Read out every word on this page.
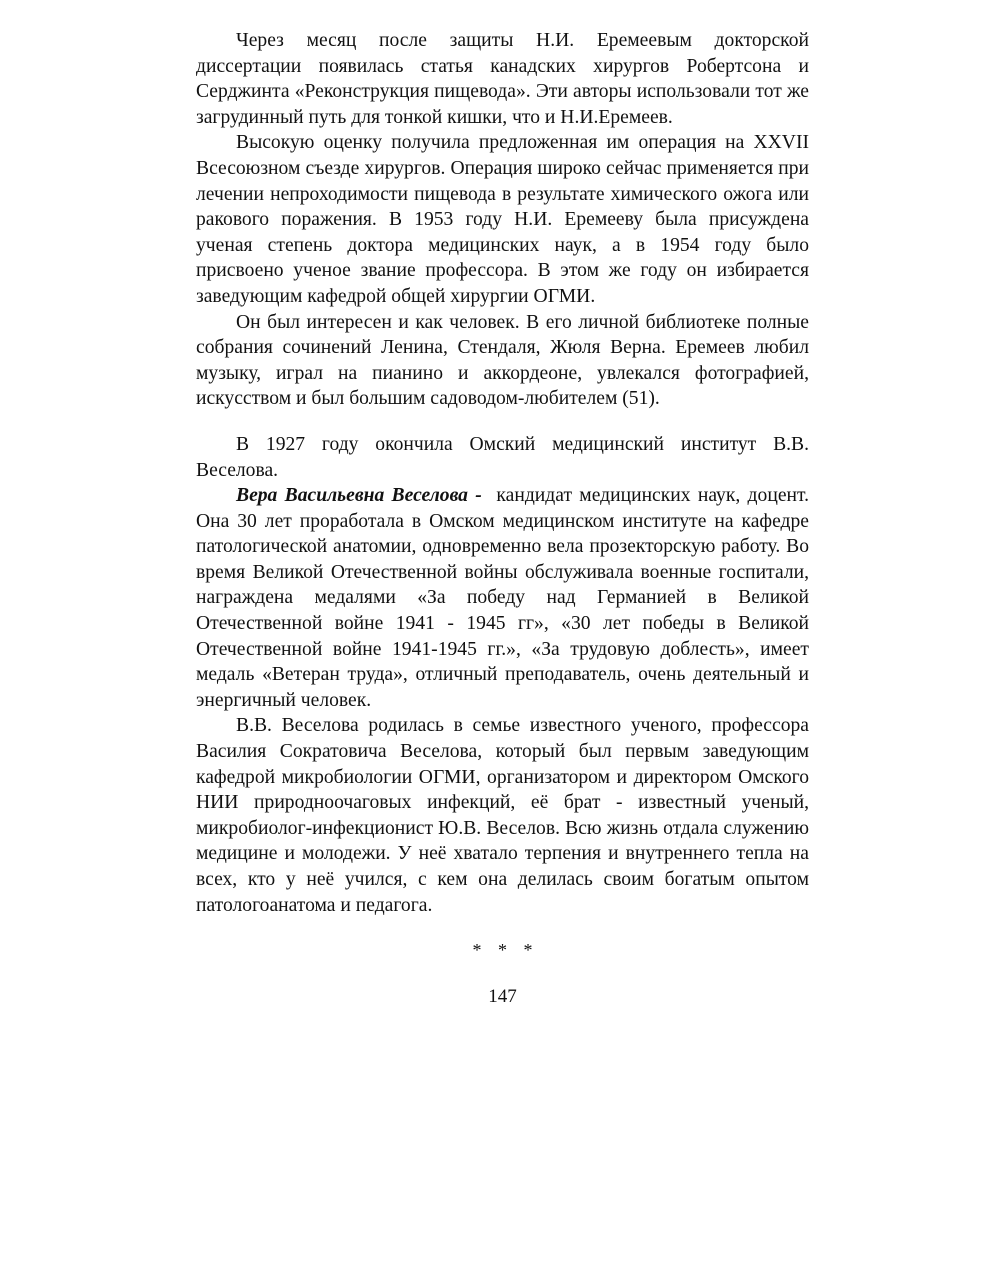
Через месяц после защиты Н.И. Еремеевым докторской диссертации появилась статья канадских хирургов Робертсона и Серджинта «Реконструкция пищевода». Эти авторы использовали тот же загрудинный путь для тонкой кишки, что и Н.И.Еремеев.

Высокую оценку получила предложенная им операция на XXVII Всесоюзном съезде хирургов. Операция широко сейчас применяется при лечении непроходимости пищевода в результате химического ожога или ракового поражения. В 1953 году Н.И. Еремееву была присуждена ученая степень доктора медицинских наук, а в 1954 году было присвоено ученое звание профессора. В этом же году он избирается заведующим кафедрой общей хирургии ОГМИ.

Он был интересен и как человек. В его личной библиотеке полные собрания сочинений Ленина, Стендаля, Жюля Верна. Еремеев любил музыку, играл на пианино и аккордеоне, увлекался фотографией, искусством и был большим садоводом-любителем (51).

В 1927 году окончила Омский медицинский институт В.В. Веселова.

Вера Васильевна Веселова - кандидат медицинских наук, доцент. Она 30 лет проработала в Омском медицинском институте на кафедре патологической анатомии, одновременно вела прозекторскую работу. Во время Великой Отечественной войны обслуживала военные госпитали, награждена медалями «За победу над Германией в Великой Отечественной войне 1941 - 1945 гг», «30 лет победы в Великой Отечественной войне 1941-1945 гг.», «За трудовую доблесть», имеет медаль «Ветеран труда», отличный преподаватель, очень деятельный и энергичный человек.

В.В. Веселова родилась в семье известного ученого, профессора Василия Сократовича Веселова, который был первым заведующим кафедрой микробиологии ОГМИ, организатором и директором Омского НИИ природноочаговых инфекций, её брат - известный ученый, микробиолог-инфекционист Ю.В. Веселов. Всю жизнь отдала служению медицине и молодежи. У неё хватало терпения и внутреннего тепла на всех, кто у неё учился, с кем она делилась своим богатым опытом патологоанатома и педагога.

* * *
147
